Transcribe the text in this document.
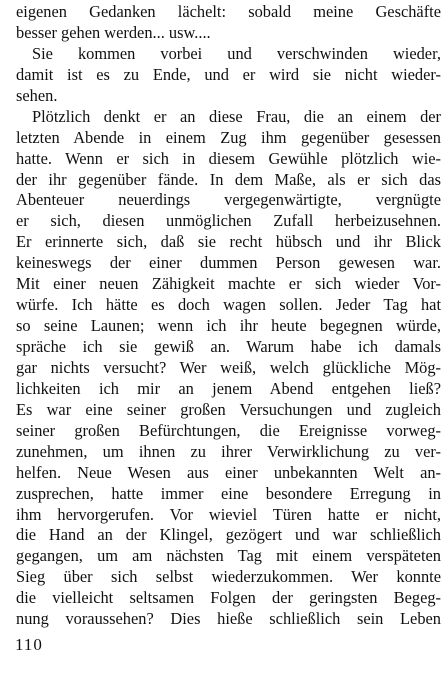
eigenen Gedanken lächelt: sobald meine Geschäfte
besser gehen werden... usw....
Sie kommen vorbei und verschwinden wieder,
damit ist es zu Ende, und er wird sie nicht wieder-
sehen.
Plötzlich denkt er an diese Frau, die an einem der
letzten Abende in einem Zug ihm gegenüber gesessen
hatte. Wenn er sich in diesem Gewühle plötzlich wie-
der ihr gegenüber fände. In dem Maße, als er sich das
Abenteuer neuerdings vergegenwärtigte, vergnügte
er sich, diesen unmöglichen Zufall herbeizusehnen.
Er erinnerte sich, daß sie recht hübsch und ihr Blick
keineswegs der einer dummen Person gewesen war.
Mit einer neuen Zähigkeit machte er sich wieder Vor-
würfe. Ich hätte es doch wagen sollen. Jeder Tag hat
so seine Launen; wenn ich ihr heute begegnen würde,
spräche ich sie gewiß an. Warum habe ich damals
gar nichts versucht? Wer weiß, welch glückliche Mög-
lichkeiten ich mir an jenem Abend entgehen ließ?
Es war eine seiner großen Versuchungen und zugleich
seiner großen Befürchtungen, die Ereignisse vorweg-
zunehmen, um ihnen zu ihrer Verwirklichung zu ver-
helfen. Neue Wesen aus einer unbekannten Welt an-
zusprechen, hatte immer eine besondere Erregung in
ihm hervorgerufen. Vor wieviel Türen hatte er nicht,
die Hand an der Klingel, gezögert und war schließlich
gegangen, um am nächsten Tag mit einem verspäteten
Sieg über sich selbst wiederzukommen. Wer konnte
die vielleicht seltsamen Folgen der geringsten Begeg-
nung voraussehen? Dies hieße schließlich sein Leben
110
